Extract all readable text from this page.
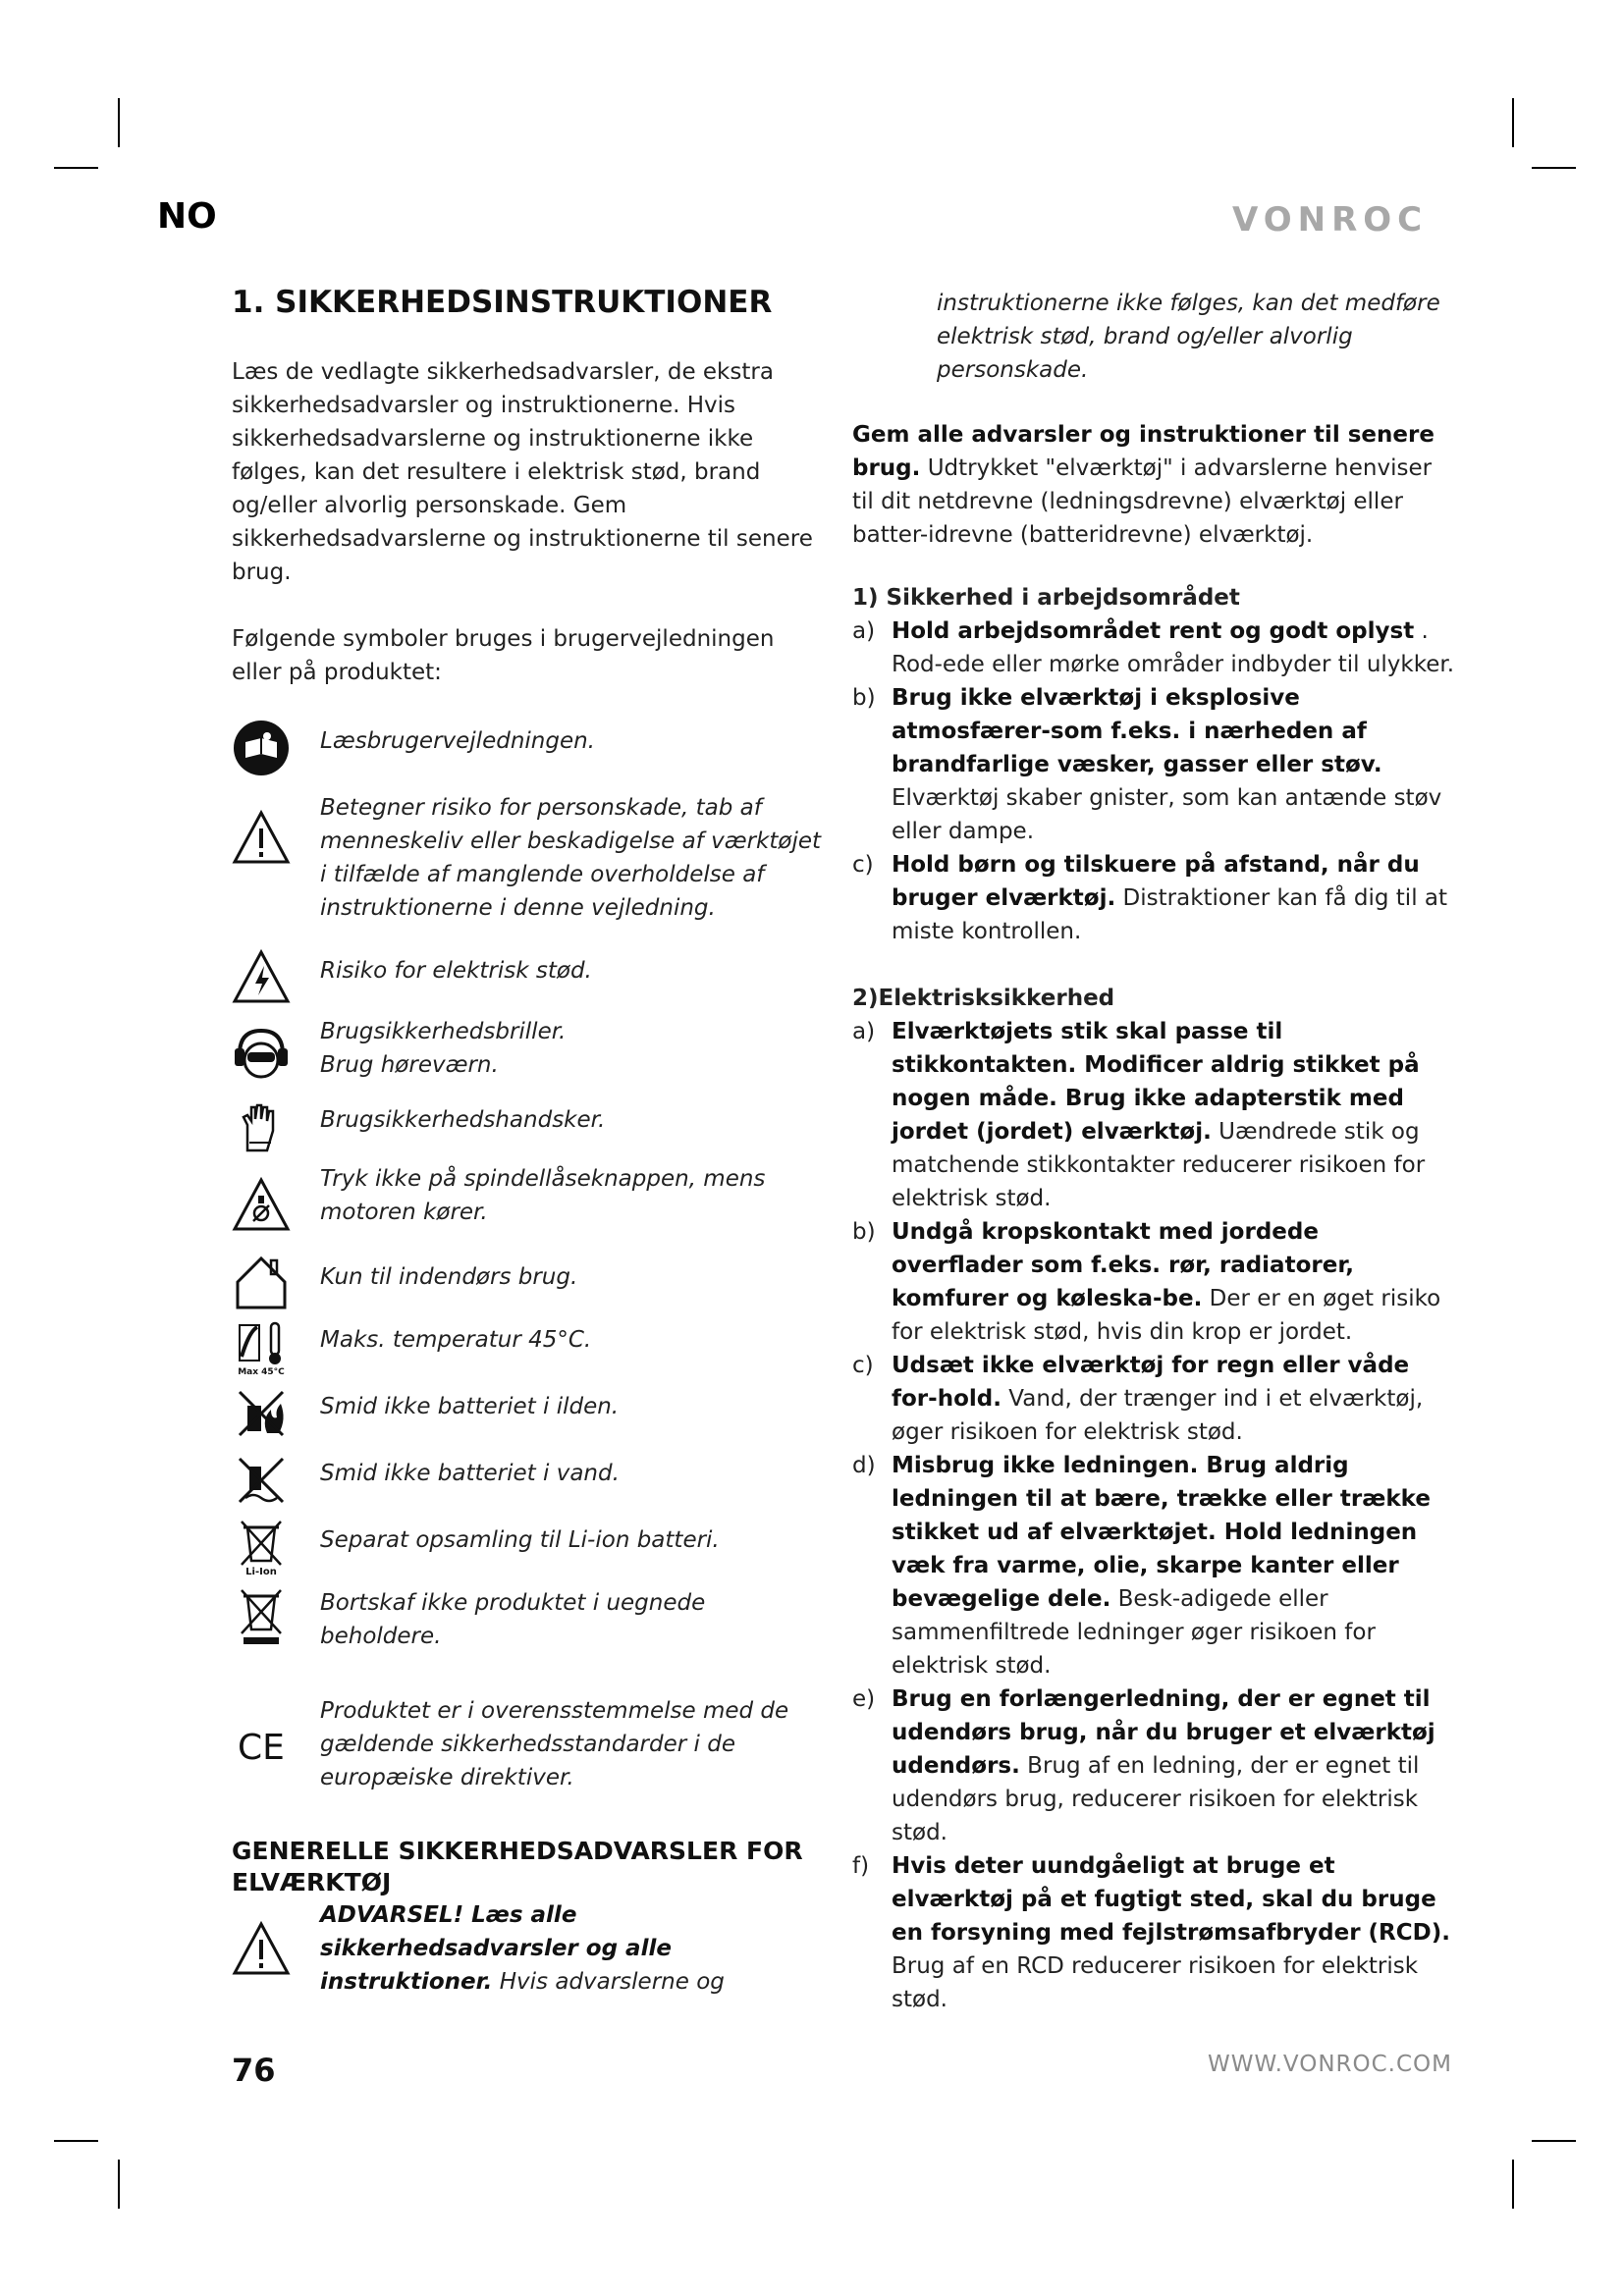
NO	VONROC
1. SIKKERHEDSINSTRUKTIONER

Læs de vedlagte sikkerhedsadvarsler, de ekstra sikkerhedsadvarsler og instruktionerne. Hvis sikkerhedsadvarslerne og instruktionerne ikke følges, kan det resultere i elektrisk stød, brand og/eller alvorlig personskade. Gem sikkerhedsadvarslerne og instruktionerne til senere brug.

Følgende symboler bruges i brugervejledningen eller på produktet:

Læsbrugervejledningen.
Betegner risiko for personskade, tab af menneskeliv eller beskadigelse af værktøjet i tilfælde af manglende overholdelse af instruktionerne i denne vejledning.
Risiko for elektrisk stød.
Brugsikkerhedsbriller.
Brug høreværn.
Brugsikkerhedshandsker.
Tryk ikke på spindellåseknappen, mens motoren kører.
Kun til indendørs brug.
Max 45°C
Maks. temperatur 45°C.
Smid ikke batteriet i ilden.
Smid ikke batteriet i vand.
Li-Ion
Separat opsamling til Li-ion batteri.
Bortskaf ikke produktet i uegnede beholdere.
CE
Produktet er i overensstemmelse med de gældende sikkerhedsstandarder i de europæiske direktiver.
GENERELLE SIKKERHEDSADVARSLER FOR
ELVÆRKTØJ
ADVARSEL! Læs alle sikkerhedsadvarsler og alle instruktioner. Hvis advarslerne og

instruktionerne ikke følges, kan det medføre elektrisk stød, brand og/eller alvorlig personskade.

Gem alle advarsler og instruktioner til senere brug. Udtrykket "elværktøj" i advarslerne henviser til dit netdrevne (ledningsdrevne) elværktøj eller batter-idrevne (batteridrevne) elværktøj.

1) Sikkerhed i arbejdsområdet
a) Hold arbejdsområdet rent og godt oplyst . Rod-ede eller mørke områder indbyder til ulykker.
b) Brug ikke elværktøj i eksplosive atmosfærer-som f.eks. i nærheden af brandfarlige væsker, gasser eller støv. Elværktøj skaber gnister, som kan antænde støv eller dampe.
c) Hold børn og tilskuere på afstand, når du bruger elværktøj. Distraktioner kan få dig til at miste kontrollen.
2)Elektrisksikkerhed
a) Elværktøjets stik skal passe til stikkontakten. Modificer aldrig stikket på nogen måde. Brug ikke adapterstik med jordet (jordet) elværktøj. Uændrede stik og matchende stikkontakter reducerer risikoen for elektrisk stød.
b) Undgå kropskontakt med jordede overflader som f.eks. rør, radiatorer, komfurer og køleska-be. Der er en øget risiko for elektrisk stød, hvis din krop er jordet.
c) Udsæt ikke elværktøj for regn eller våde for-hold. Vand, der trænger ind i et elværktøj, øger risikoen for elektrisk stød.
d) Misbrug ikke ledningen. Brug aldrig ledningen til at bære, trække eller trække stikket ud af elværktøjet. Hold ledningen væk fra varme, olie, skarpe kanter eller bevægelige dele. Besk-adigede eller sammenfiltrede ledninger øger risikoen for elektrisk stød.
e) Brug en forlængerledning, der er egnet til udendørs brug, når du bruger et elværktøj udendørs. Brug af en ledning, der er egnet til udendørs brug, reducerer risikoen for elektrisk stød.
f) Hvis deter uundgåeligt at bruge et elværktøj på et fugtigt sted, skal du bruge en forsyning med fejlstrømsafbryder (RCD). Brug af en RCD reducerer risikoen for elektrisk stød.
76	WWW.VONROC.COM
